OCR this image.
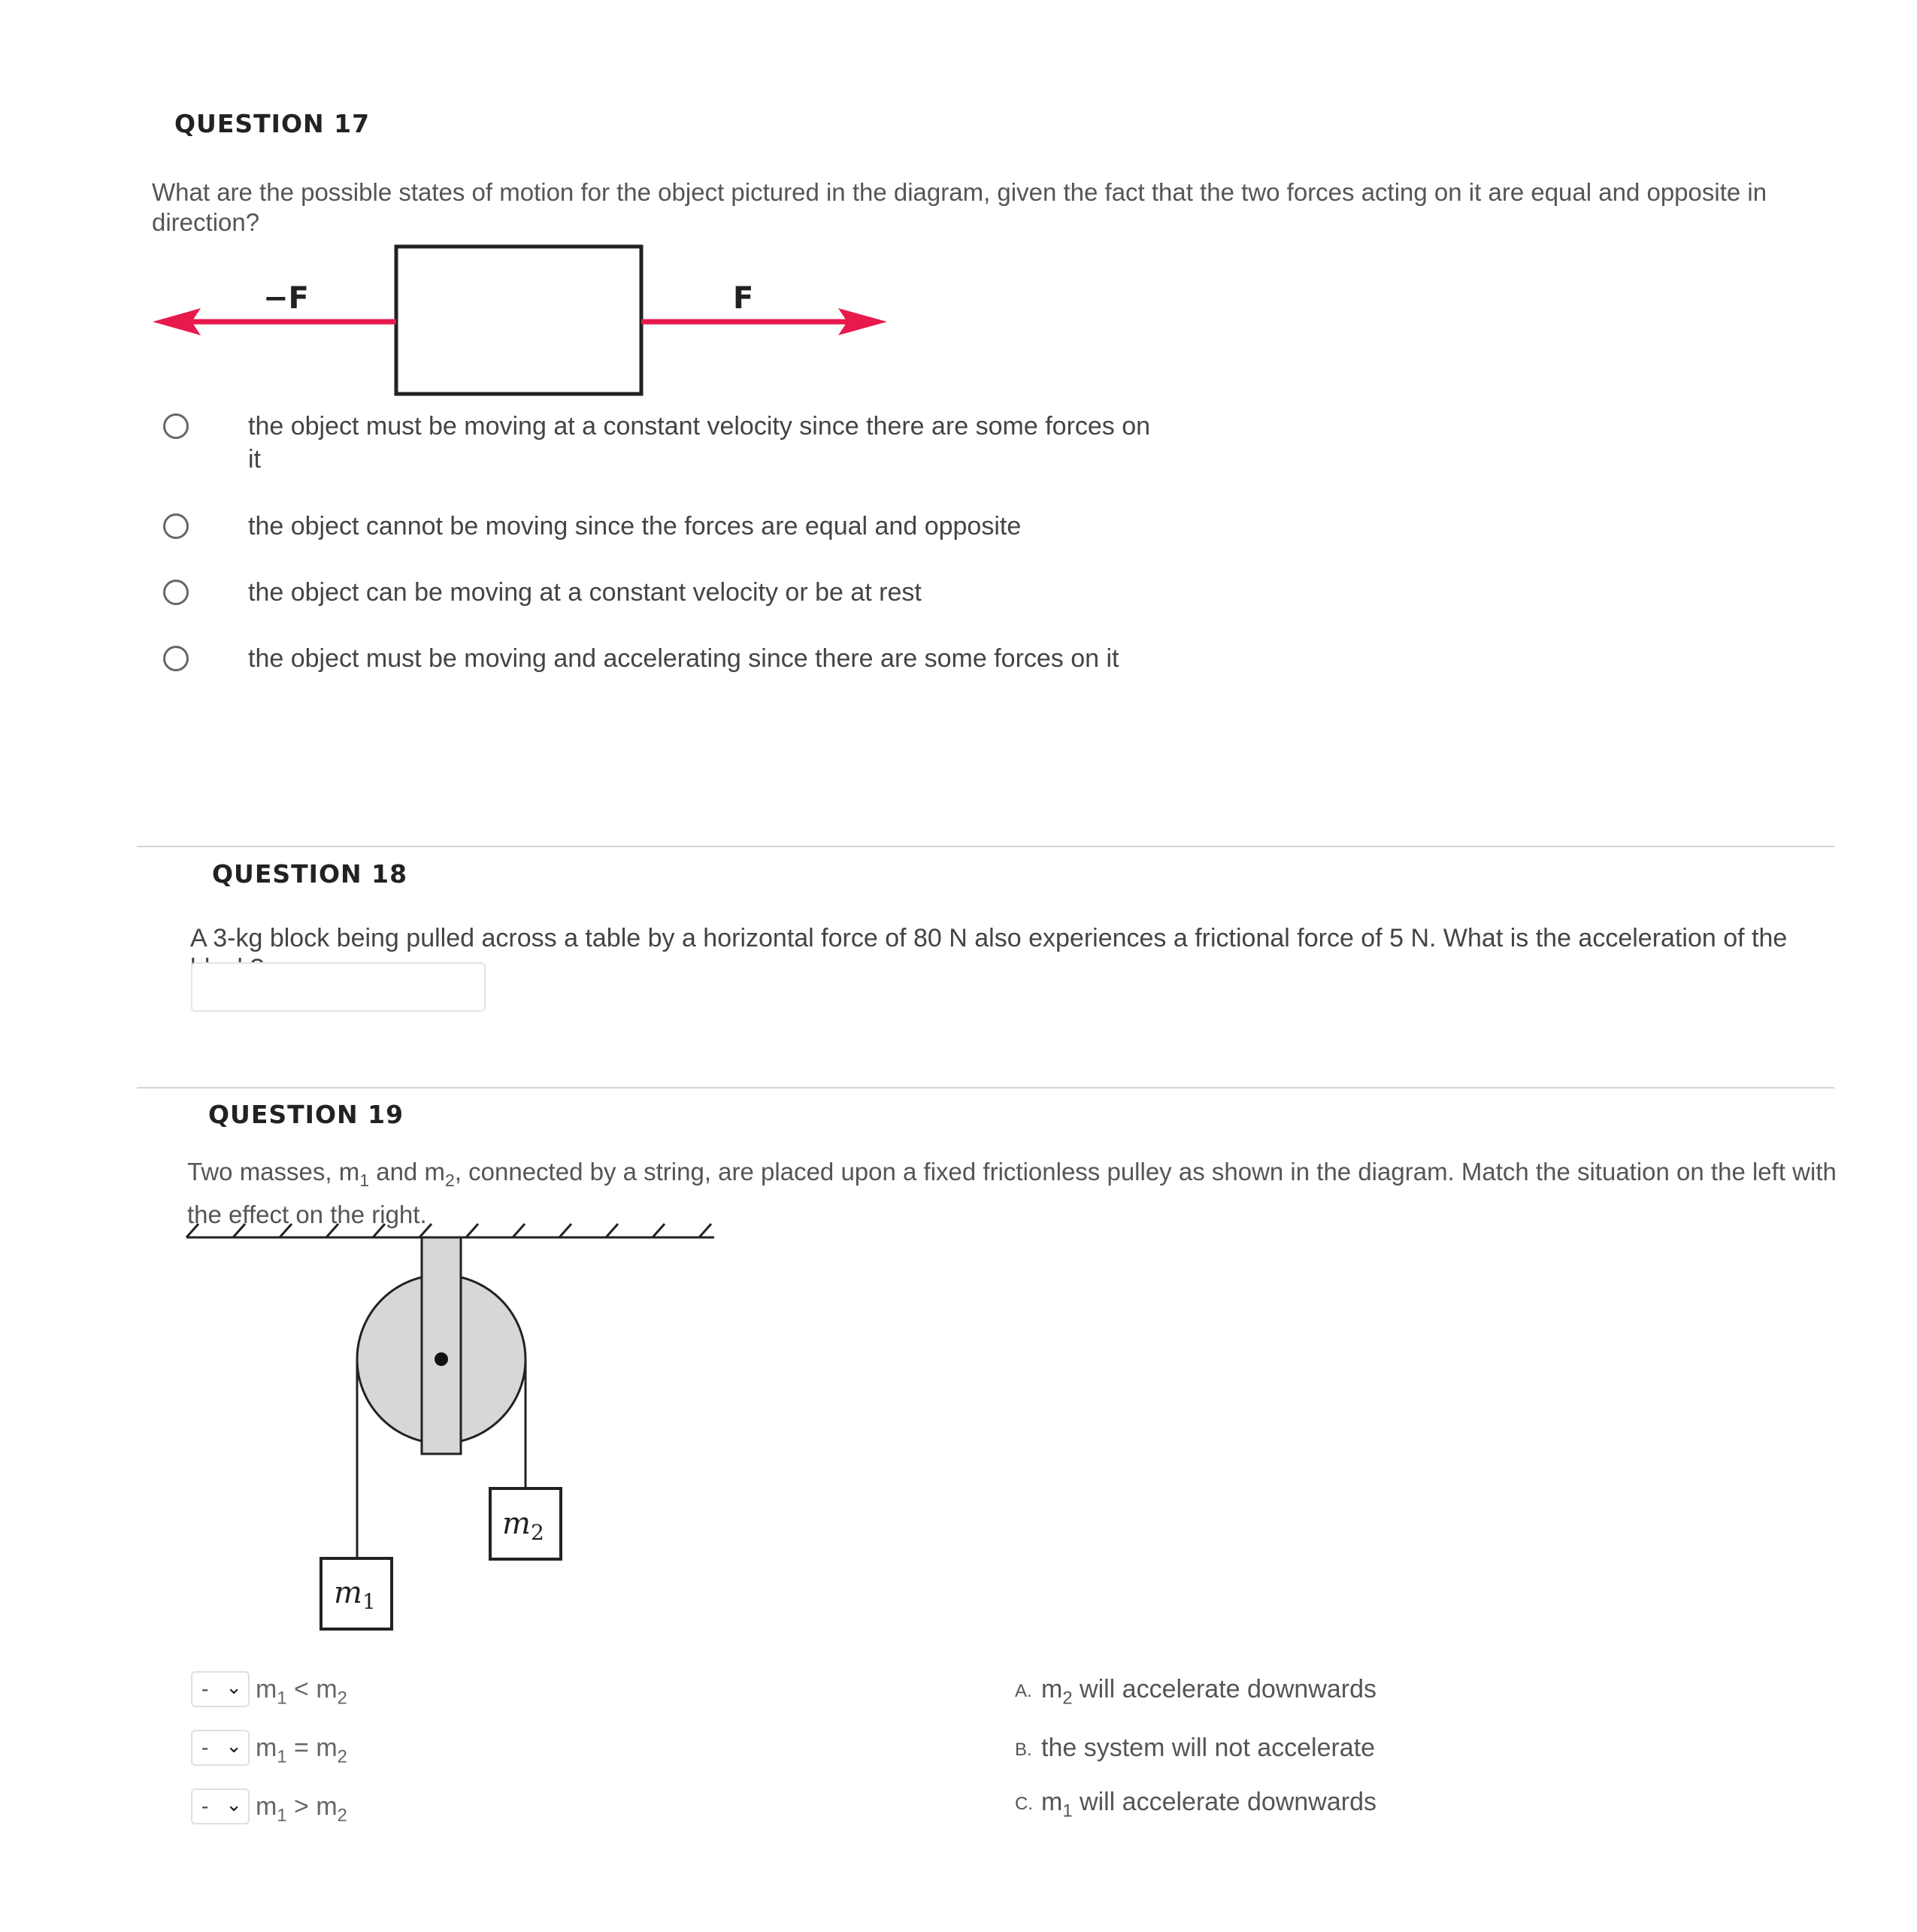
QUESTION 17
What are the possible states of motion for the object pictured in the diagram, given the fact that the two forces acting on it are equal and opposite in direction?
−F	F
the object must be moving at a constant velocity since there are some forces on
it
the object cannot be moving since the forces are equal and opposite
the object can be moving at a constant velocity or be at rest
the object must be moving and accelerating since there are some forces on it
QUESTION 18
A 3-kg block being pulled across a table by a horizontal force of 80 N also experiences a frictional force of 5 N. What is the acceleration of the
QUESTION 19
Two masses, $m_1$ and $m_2$, connected by a string, are placed upon a fixed frictionless pulley as shown in the diagram. Match the situation on the left with
the effect on the right.
$m_2$
$m_1$
- ⌄ $m_1 < m_2$
- ⌄ $m_1 = m_2$
- ⌄ $m_1 > m_2$
A. $m_2$ will accelerate downwards
B. the system will not accelerate
C. $m_1$ will accelerate downwards
